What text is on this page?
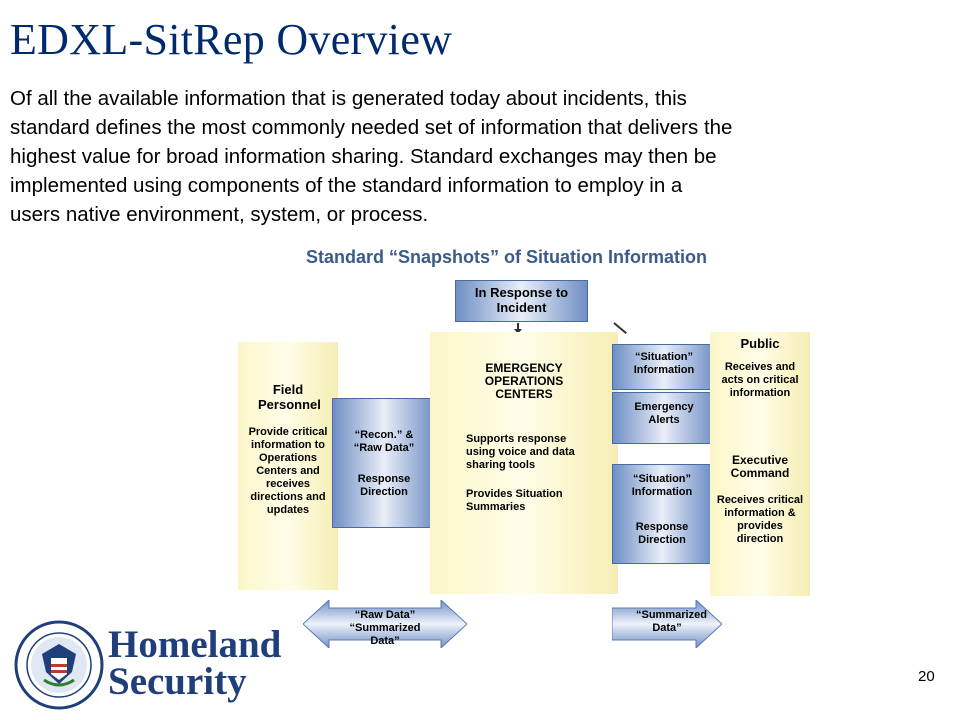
EDXL-SitRep Overview
Of all the available information that is generated today about incidents, this
standard defines the most commonly needed set of information that delivers the
highest value for broad information sharing. Standard exchanges may then be
implemented using components of the standard information to employ in a
users native environment, system, or process.
Standard “Snapshots” of Situation Information
In Response to Incident
Field Personnel
Provide critical information to Operations Centers and receives directions and updates
“Recon.” & “Raw Data”
Response Direction
EMERGENCY OPERATIONS CENTERS
Supports response using voice and data sharing tools
Provides Situation Summaries
“Situation” Information
Emergency Alerts
“Situation” Information
Response Direction
Public
Receives and acts on critical information
Executive Command
Receives critical information & provides direction
“Raw Data” “Summarized Data”
“Summarized Data”
Homeland
Security	20
